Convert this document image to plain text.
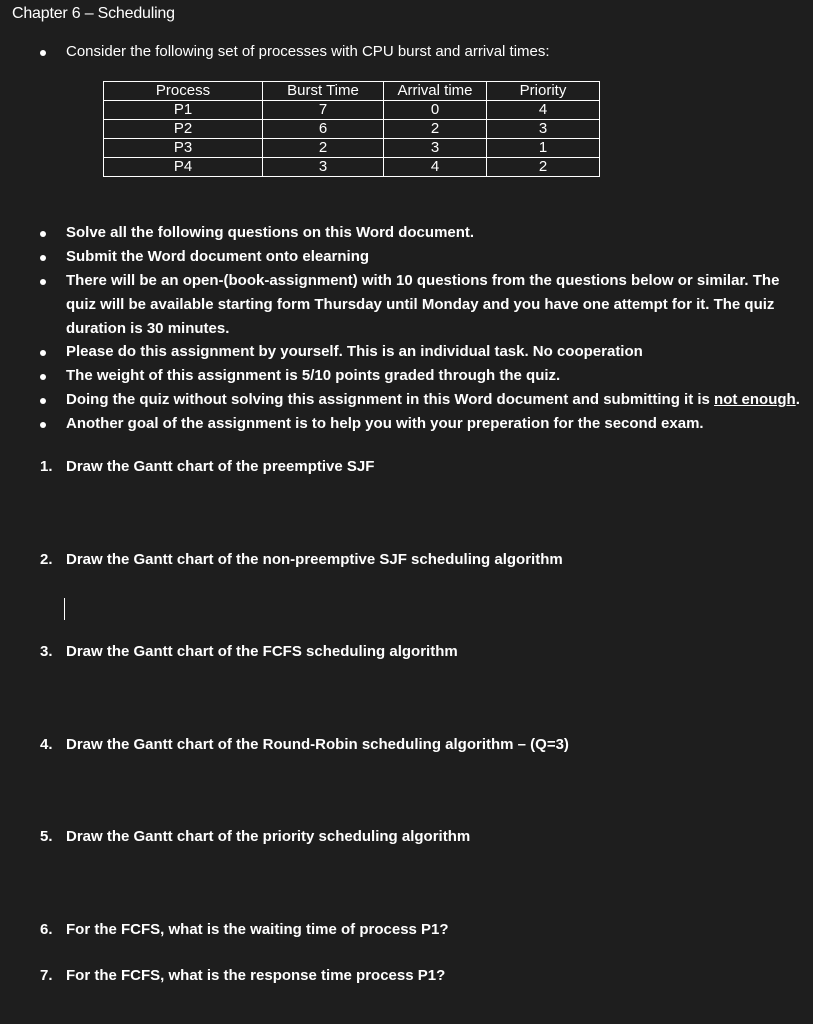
Chapter 6 – Scheduling
Consider the following set of processes with CPU burst and arrival times:
Process	Burst Time	Arrival time	Priority
P1	7	0	4
P2	6	2	3
P3	2	3	1
P4	3	4	2
Solve all the following questions on this Word document.
Submit the Word document onto elearning
There will be an open-(book-assignment) with 10 questions from the questions below or similar. The quiz will be available starting form Thursday until Monday and you have one attempt for it. The quiz duration is 30 minutes.
Please do this assignment by yourself. This is an individual task. No cooperation
The weight of this assignment is 5/10 points graded through the quiz.
Doing the quiz without solving this assignment in this Word document and submitting it is not enough.
Another goal of the assignment is to help you with your preperation for the second exam.
1. Draw the Gantt chart of the preemptive SJF
2. Draw the Gantt chart of the non-preemptive SJF scheduling algorithm
3. Draw the Gantt chart of the FCFS scheduling algorithm
4. Draw the Gantt chart of the Round-Robin scheduling algorithm – (Q=3)
5. Draw the Gantt chart of the priority scheduling algorithm
6. For the FCFS, what is the waiting time of process P1?
7. For the FCFS, what is the response time process P1?
